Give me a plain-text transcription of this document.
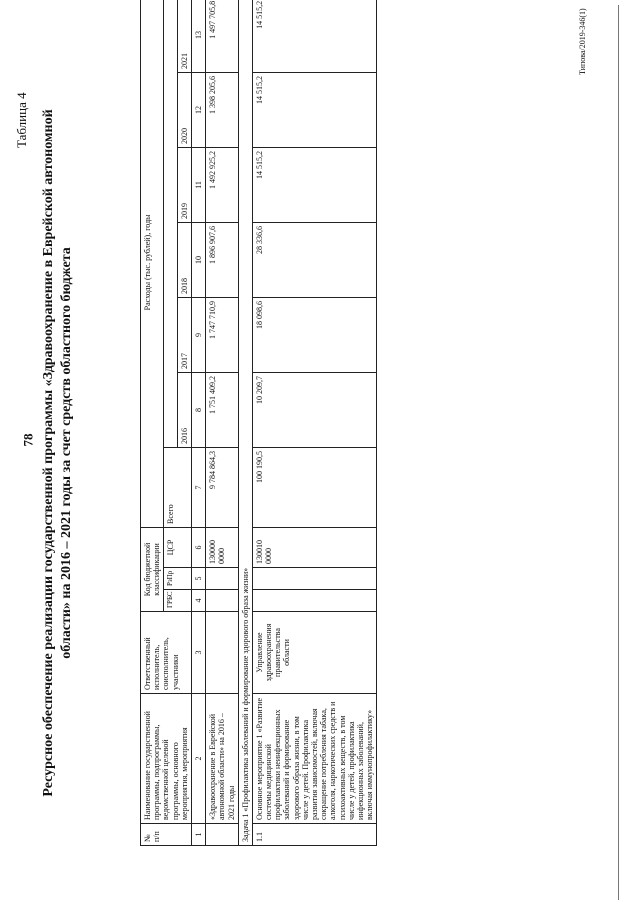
78
Типова/2019-346(1)
Таблица 4 Ресурсное обеспечение реализации государственной программы «Здравоохранение в Еврейской автономной области» на 2016 – 2021 годы за счет средств областного бюджета
№ п/п	Наименование государственной программы, подпрограммы, ведомственной целевой программы, основного мероприятия, мероприятия	Ответственный исполнитель, соисполнитель, участники	Код бюджетной классификации			Расходы (тыс. рублей), годы						
			ГРБС	РзПр	ЦСР	Всего						
							2016	2017	2018	2019	2020	2021
1	2	3	4	5	6	7	8	9	10	11	12	13
	«Здравоохранение в Еврейской автономной области» на 2016 – 2021 годы				130000 0000	9 784 864,3	1 751 409,2	1 747 710,9	1 896 907,6	1 492 925,2	1 398 205,6	1 497 705,8
Задача 1 «Профилактика заболеваний и формирование здорового образа жизни»												
1.1	Основное мероприятие 1 «Развитие системы медицинской профилактики неинфекционных заболеваний и формирование здорового образа жизни, в том числе у детей. Профилактика развития зависимостей, включая сокращение потребления табака, алкоголя, наркотических средств и психоактивных веществ, в том числе у детей, профилактика инфекционных заболеваний, включая иммунопрофилактику»	Управление здравоохранения правительства области			130010 0000	100 190,5	10 209,7	18 098,6	28 336,6	14 515,2	14 515,2	14 515,2
